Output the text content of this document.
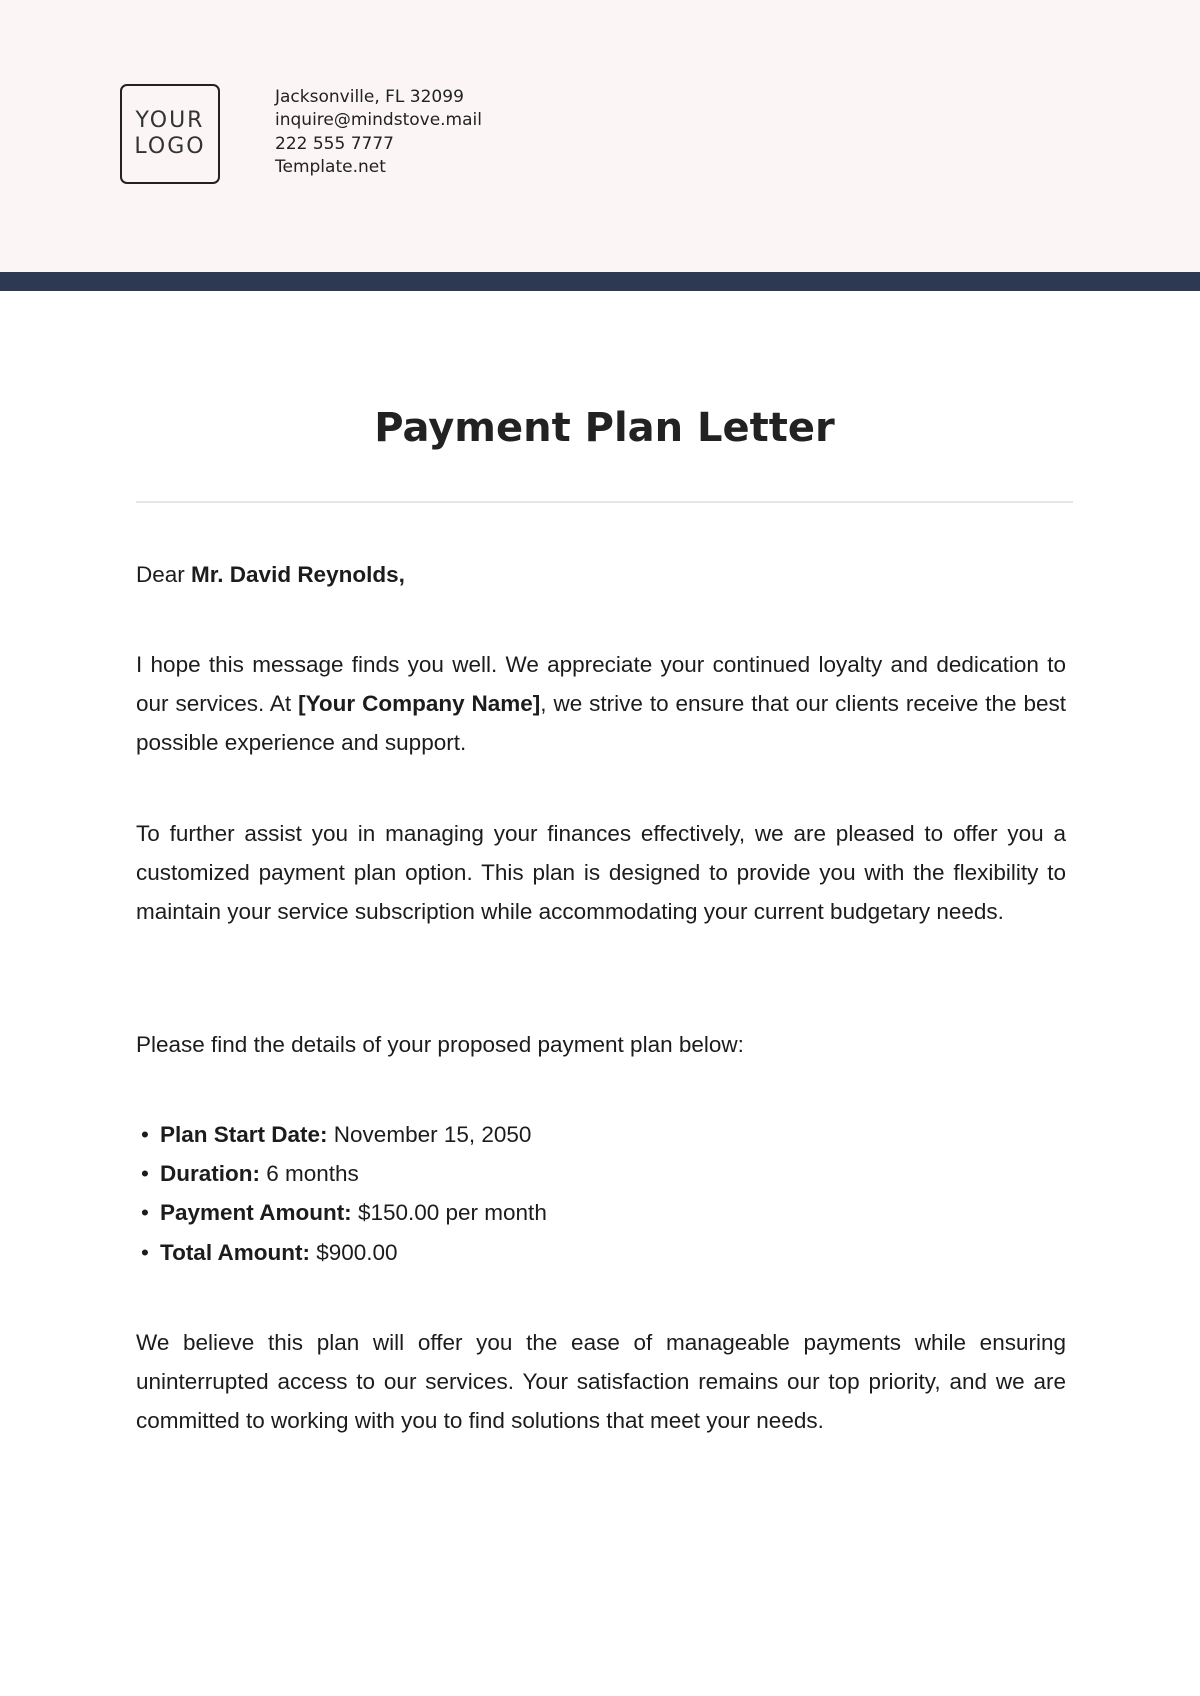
YOUR
LOGO
Jacksonville, FL 32099
inquire@mindstove.mail
222 555 7777
Template.net
Payment Plan Letter
Dear Mr. David Reynolds,
I hope this message finds you well. We appreciate your continued loyalty and dedication to our services. At [Your Company Name], we strive to ensure that our clients receive the best possible experience and support.
To further assist you in managing your finances effectively, we are pleased to offer you a customized payment plan option. This plan is designed to provide you with the flexibility to maintain your service subscription while accommodating your current budgetary needs.
Please find the details of your proposed payment plan below:
• Plan Start Date: November 15, 2050
• Duration: 6 months
• Payment Amount: $150.00 per month
• Total Amount: $900.00
We believe this plan will offer you the ease of manageable payments while ensuring uninterrupted access to our services. Your satisfaction remains our top priority, and we are committed to working with you to find solutions that meet your needs.
